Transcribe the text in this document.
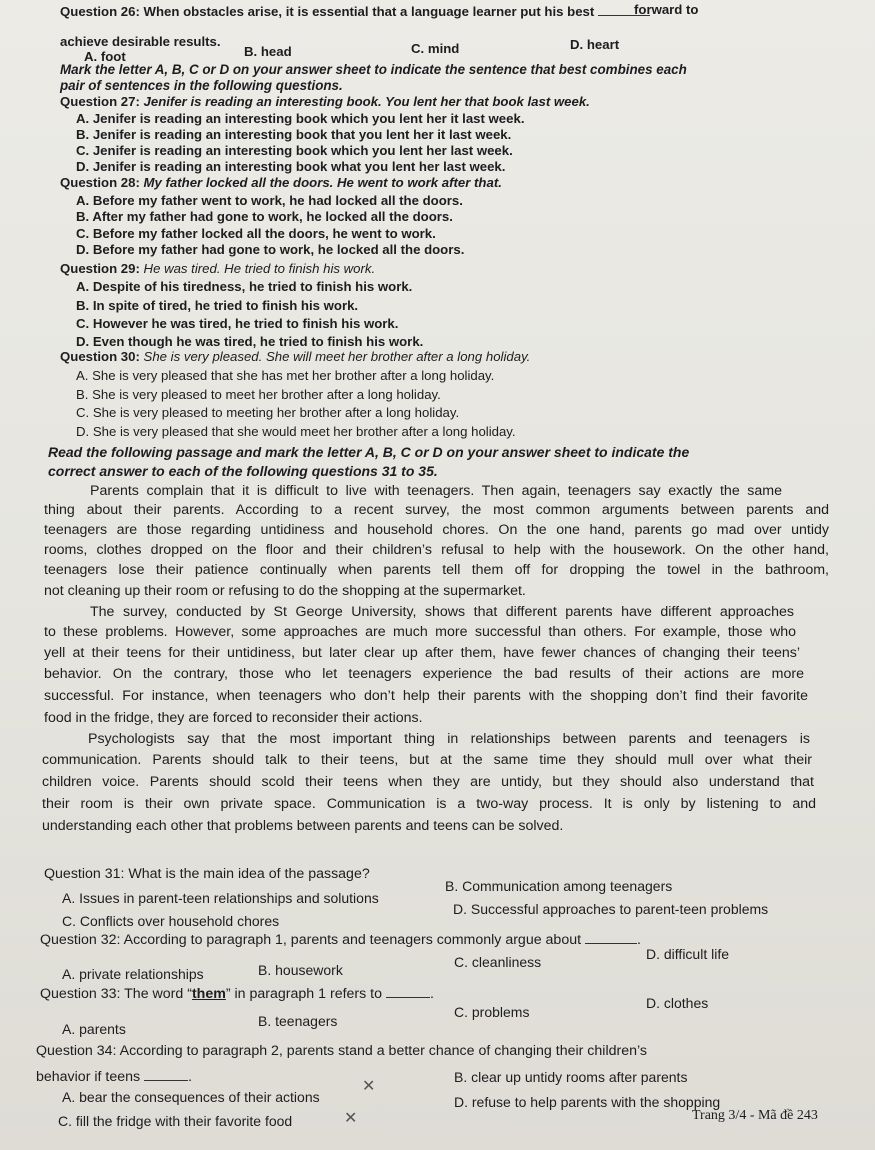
Question 26: When obstacles arise, it is essential that a language learner put his best	forward to
achieve desirable results.
A. foot	B. head	C. mind	D. heart
Mark the letter A, B, C or D on your answer sheet to indicate the sentence that best combines each
pair of sentences in the following questions.
Question 27: Jenifer is reading an interesting book. You lent her that book last week.
A. Jenifer is reading an interesting book which you lent her it last week.
B. Jenifer is reading an interesting book that you lent her it last week.
C. Jenifer is reading an interesting book which you lent her last week.
D. Jenifer is reading an interesting book what you lent her last week.
Question 28: My father locked all the doors. He went to work after that.
A. Before my father went to work, he had locked all the doors.
B. After my father had gone to work, he locked all the doors.
C. Before my father locked all the doors, he went to work.
D. Before my father had gone to work, he locked all the doors.
Question 29: He was tired. He tried to finish his work.
A. Despite of his tiredness, he tried to finish his work.
B. In spite of tired, he tried to finish his work.
C. However he was tired, he tried to finish his work.
D. Even though he was tired, he tried to finish his work.
Question 30: She is very pleased. She will meet her brother after a long holiday.
A. She is very pleased that she has met her brother after a long holiday.
B. She is very pleased to meet her brother after a long holiday.
C. She is very pleased to meeting her brother after a long holiday.
D. She is very pleased that she would meet her brother after a long holiday.
Read the following passage and mark the letter A, B, C or D on your answer sheet to indicate the
correct answer to each of the following questions 31 to 35.
Parents complain that it is difficult to live with teenagers. Then again, teenagers say exactly the same
thing about their parents. According to a recent survey, the most common arguments between parents and
teenagers are those regarding untidiness and household chores. On the one hand, parents go mad over untidy
rooms, clothes dropped on the floor and their children’s refusal to help with the housework. On the other hand,
teenagers lose their patience continually when parents tell them off for dropping the towel in the bathroom,
not cleaning up their room or refusing to do the shopping at the supermarket.
The survey, conducted by St George University, shows that different parents have different approaches
to these problems. However, some approaches are much more successful than others. For example, those who
yell at their teens for their untidiness, but later clear up after them, have fewer chances of changing their teens’
behavior. On the contrary, those who let teenagers experience the bad results of their actions are more
successful. For instance, when teenagers who don’t help their parents with the shopping don’t find their favorite
food in the fridge, they are forced to reconsider their actions.
Psychologists say that the most important thing in relationships between parents and teenagers is
communication. Parents should talk to their teens, but at the same time they should mull over what their
children voice. Parents should scold their teens when they are untidy, but they should also understand that
their room is their own private space. Communication is a two-way process. It is only by listening to and
understanding each other that problems between parents and teens can be solved.
Question 31: What is the main idea of the passage?
A. Issues in parent-teen relationships and solutions
B. Communication among teenagers
C. Conflicts over household chores
D. Successful approaches to parent-teen problems
Question 32: According to paragraph 1, parents and teenagers commonly argue about	.
A. private relationships	B. housework	C. cleanliness	D. difficult life
Question 33: The word “them” in paragraph 1 refers to	.
A. parents	B. teenagers
C. problems
D. clothes
Question 34: According to paragraph 2, parents stand a better chance of changing their children’s
behavior if teens	.
A. bear the consequences of their actions
B. clear up untidy rooms after parents
C. fill the fridge with their favorite food
D. refuse to help parents with the shopping
✕
✕	Trang 3/4 - Mã đề 243
